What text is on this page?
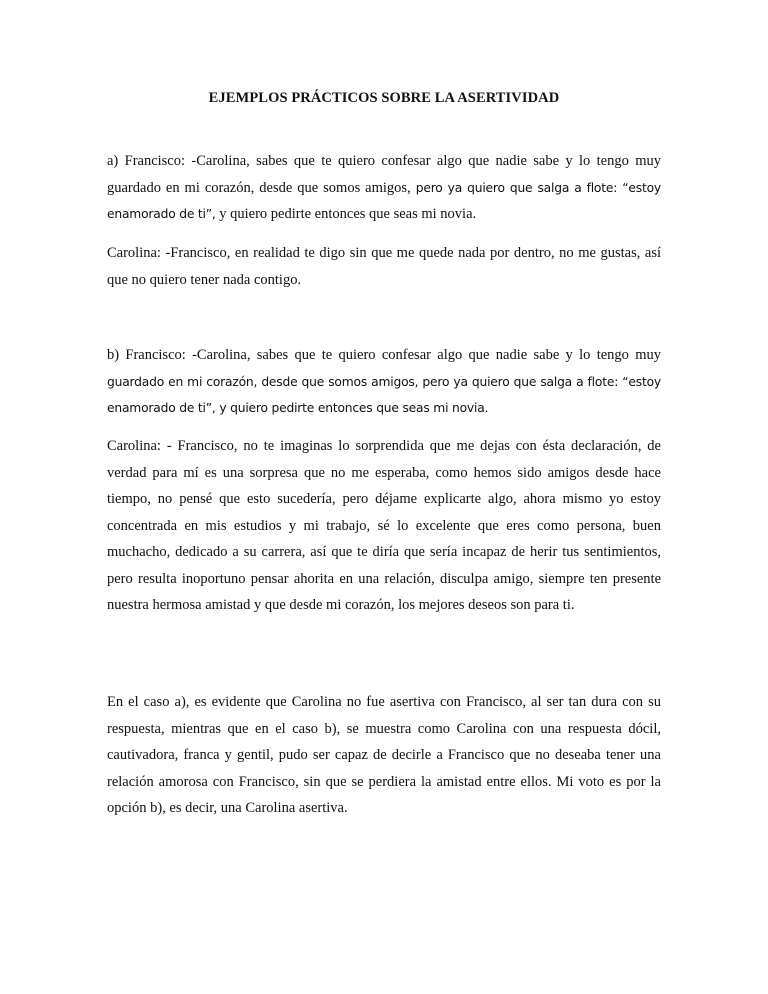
EJEMPLOS PRÁCTICOS SOBRE LA ASERTIVIDAD

a) Francisco: -Carolina, sabes que te quiero confesar algo que nadie sabe y lo tengo muy guardado en mi corazón, desde que somos amigos, pero ya quiero que salga a flote: “estoy enamorado de ti”, y quiero pedirte entonces que seas mi novia.

Carolina: -Francisco, en realidad te digo sin que me quede nada por dentro, no me gustas, así que no quiero tener nada contigo.

b) Francisco: -Carolina, sabes que te quiero confesar algo que nadie sabe y lo tengo muy guardado en mi corazón, desde que somos amigos, pero ya quiero que salga a flote: “estoy enamorado de ti”, y quiero pedirte entonces que seas mi novia.

Carolina: - Francisco, no te imaginas lo sorprendida que me dejas con ésta declaración, de verdad para mí es una sorpresa que no me esperaba, como hemos sido amigos desde hace tiempo, no pensé que esto sucedería, pero déjame explicarte algo, ahora mismo yo estoy concentrada en mis estudios y mi trabajo, sé lo excelente que eres como persona, buen muchacho, dedicado a su carrera, así que te diría que sería incapaz de herir tus sentimientos, pero resulta inoportuno pensar ahorita en una relación, disculpa amigo, siempre ten presente nuestra hermosa amistad y que desde mi corazón, los mejores deseos son para ti.

En el caso a), es evidente que Carolina no fue asertiva con Francisco, al ser tan dura con su respuesta, mientras que en el caso b), se muestra como Carolina con una respuesta dócil, cautivadora, franca y gentil, pudo ser capaz de decirle a Francisco que no deseaba tener una relación amorosa con Francisco, sin que se perdiera la amistad entre ellos. Mi voto es por la opción b), es decir, una Carolina asertiva.
